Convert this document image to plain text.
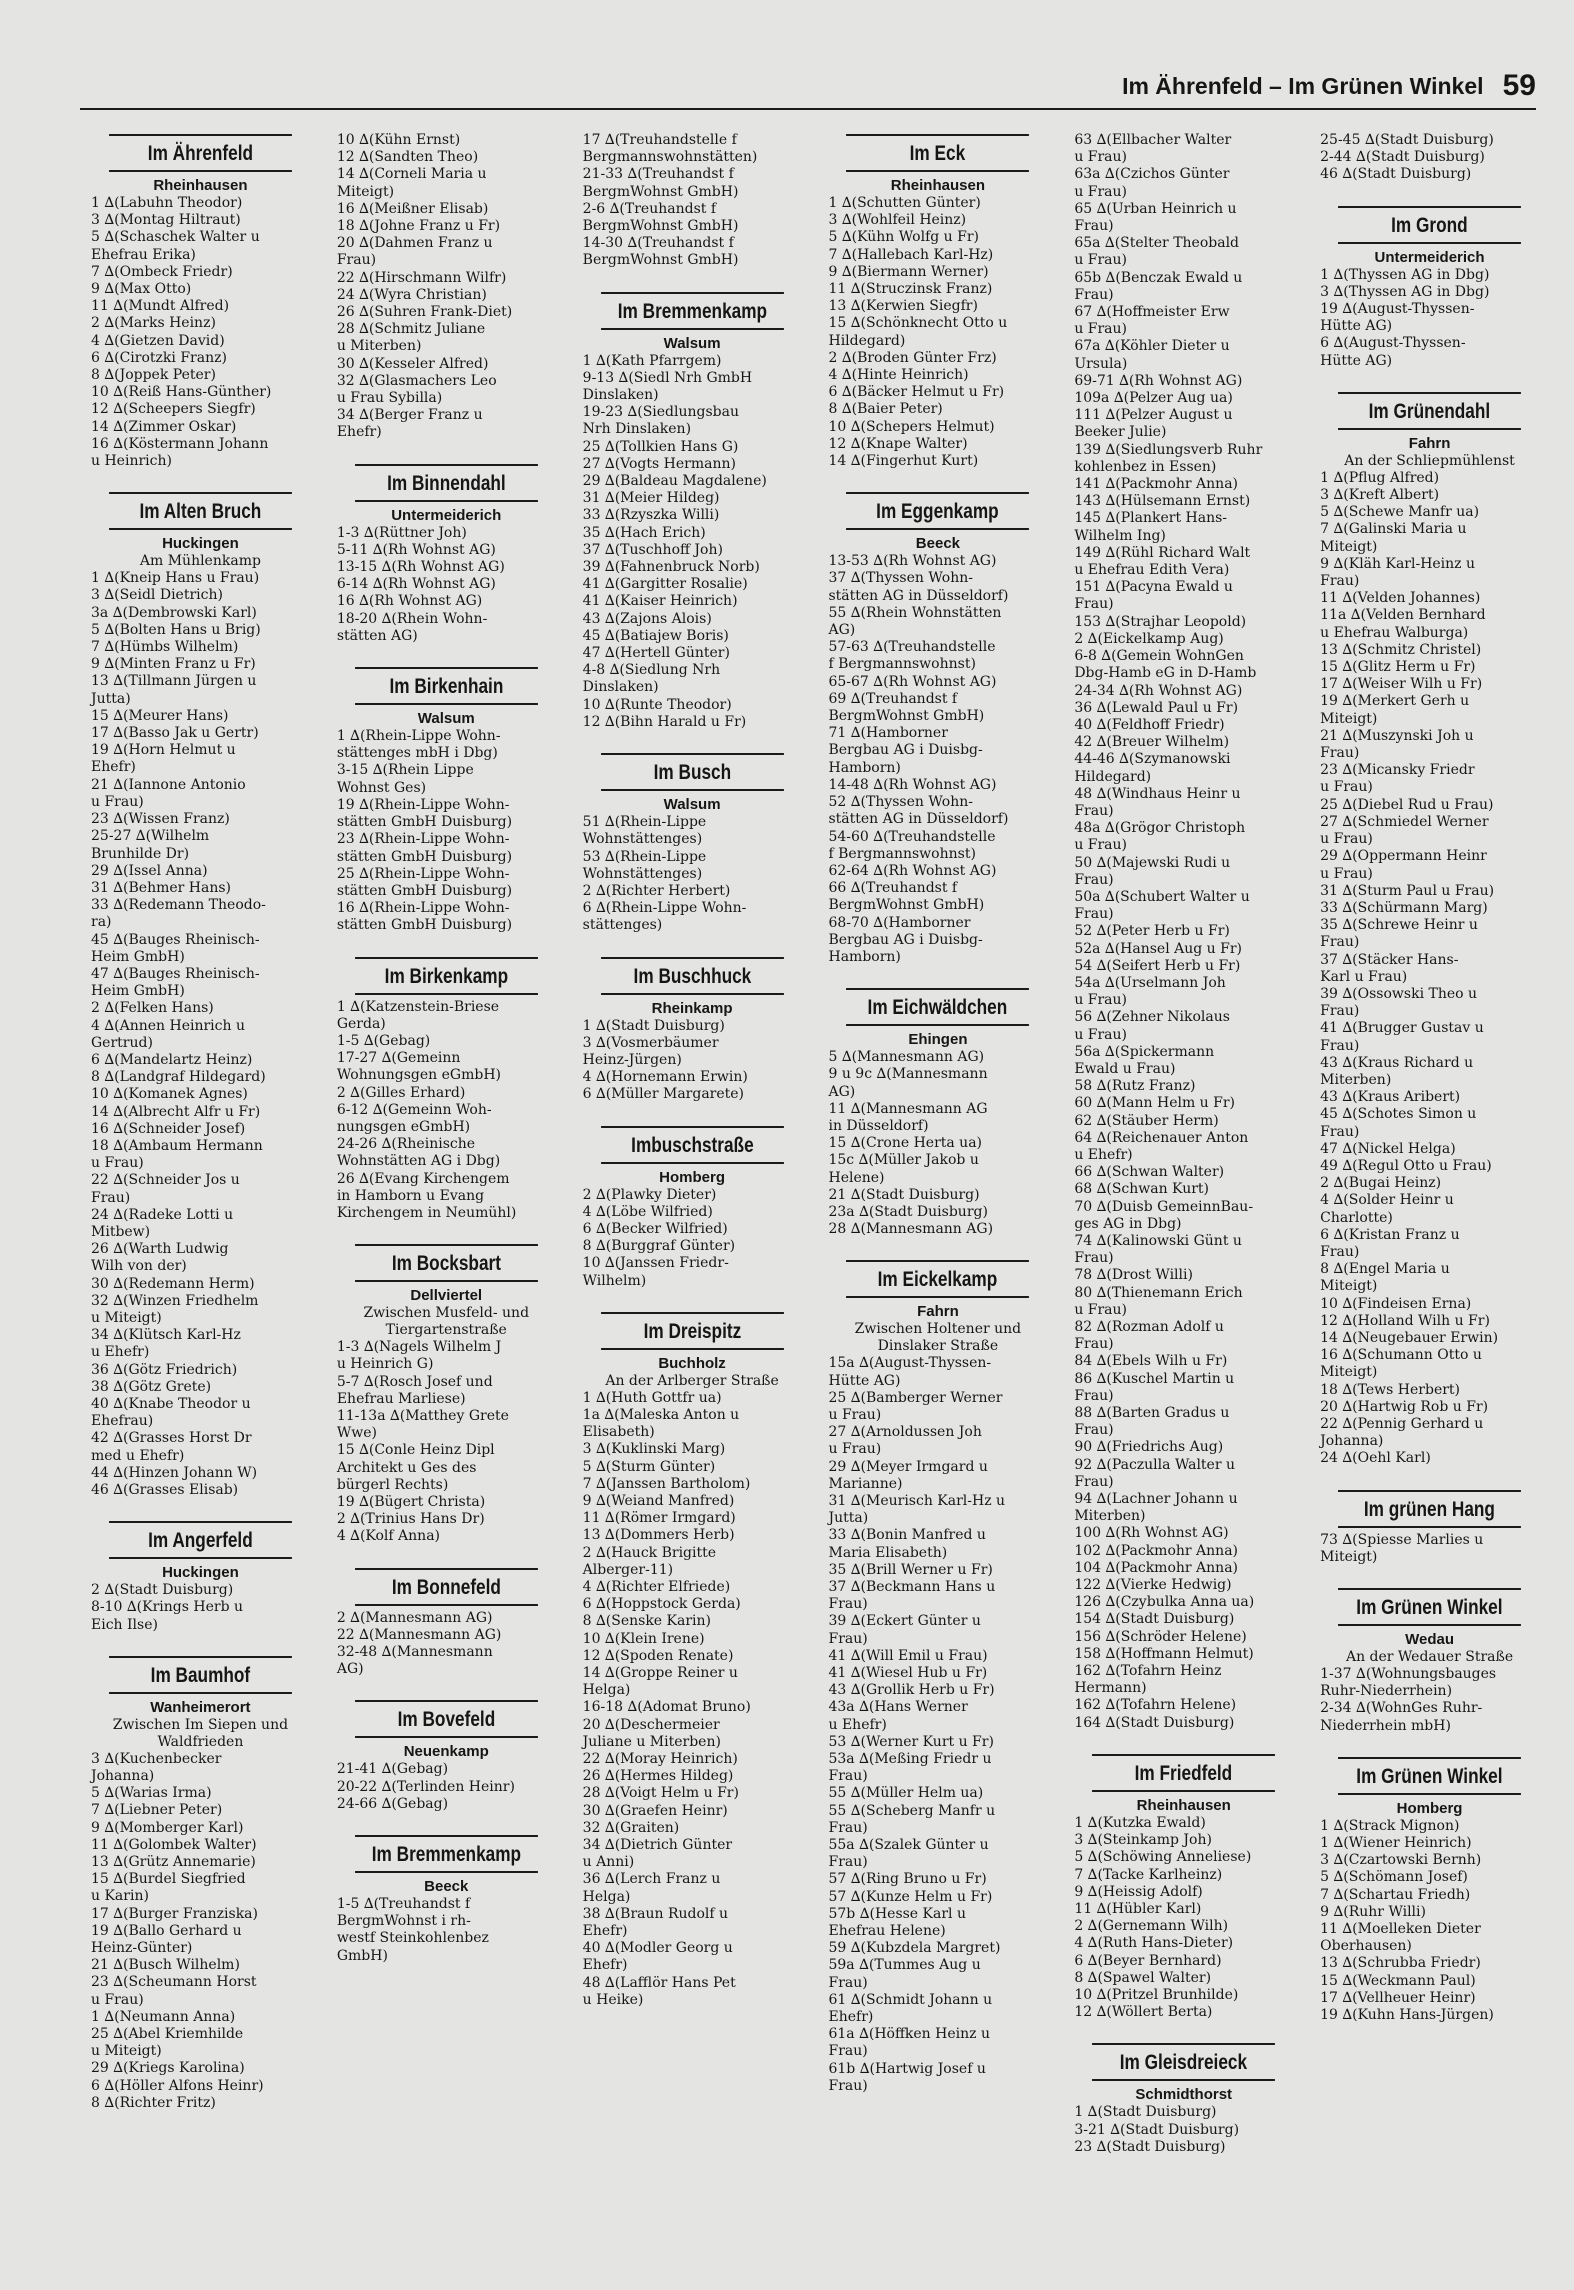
Im Ährenfeld – Im Grünen Winkel 59
Im Ährenfeld
Rheinhausen
1 ∆(Labuhn Theodor)
3 ∆(Montag Hiltraut)
5 ∆(Schaschek Walter u
Ehefrau Erika)
7 ∆(Ombeck Friedr)
9 ∆(Max Otto)
11 ∆(Mundt Alfred)
2 ∆(Marks Heinz)
4 ∆(Gietzen David)
6 ∆(Cirotzki Franz)
8 ∆(Joppek Peter)
10 ∆(Reiß Hans-Günther)
12 ∆(Scheepers Siegfr)
14 ∆(Zimmer Oskar)
16 ∆(Köstermann Johann
u Heinrich)
Im Alten Bruch
Huckingen
Am Mühlenkamp
1 ∆(Kneip Hans u Frau)
3 ∆(Seidl Dietrich)
3a ∆(Dembrowski Karl)
5 ∆(Bolten Hans u Brig)
7 ∆(Hümbs Wilhelm)
9 ∆(Minten Franz u Fr)
13 ∆(Tillmann Jürgen u
Jutta)
15 ∆(Meurer Hans)
17 ∆(Basso Jak u Gertr)
19 ∆(Horn Helmut u
Ehefr)
21 ∆(Iannone Antonio
u Frau)
23 ∆(Wissen Franz)
25-27 ∆(Wilhelm
Brunhilde Dr)
29 ∆(Issel Anna)
31 ∆(Behmer Hans)
33 ∆(Redemann Theodo-
ra)
45 ∆(Bauges Rheinisch-
Heim GmbH)
47 ∆(Bauges Rheinisch-
Heim GmbH)
2 ∆(Felken Hans)
4 ∆(Annen Heinrich u
Gertrud)
6 ∆(Mandelartz Heinz)
8 ∆(Landgraf Hildegard)
10 ∆(Komanek Agnes)
14 ∆(Albrecht Alfr u Fr)
16 ∆(Schneider Josef)
18 ∆(Ambaum Hermann
u Frau)
22 ∆(Schneider Jos u
Frau)
24 ∆(Radeke Lotti u
Mitbew)
26 ∆(Warth Ludwig
Wilh von der)
30 ∆(Redemann Herm)
32 ∆(Winzen Friedhelm
u Miteigt)
34 ∆(Klütsch Karl-Hz
u Ehefr)
36 ∆(Götz Friedrich)
38 ∆(Götz Grete)
40 ∆(Knabe Theodor u
Ehefrau)
42 ∆(Grasses Horst Dr
med u Ehefr)
44 ∆(Hinzen Johann W)
46 ∆(Grasses Elisab)
Im Angerfeld
Huckingen
2 ∆(Stadt Duisburg)
8-10 ∆(Krings Herb u
Eich Ilse)
Im Baumhof
Wanheimerort
Zwischen Im Siepen und Waldfrieden
3 ∆(Kuchenbecker
Johanna)
5 ∆(Warias Irma)
7 ∆(Liebner Peter)
9 ∆(Momberger Karl)
11 ∆(Golombek Walter)
13 ∆(Grütz Annemarie)
15 ∆(Burdel Siegfried
u Karin)
17 ∆(Burger Franziska)
19 ∆(Ballo Gerhard u
Heinz-Günter)
21 ∆(Busch Wilhelm)
23 ∆(Scheumann Horst
u Frau)
1 ∆(Neumann Anna)
25 ∆(Abel Kriemhilde
u Miteigt)
29 ∆(Kriegs Karolina)
6 ∆(Höller Alfons Heinr)
8 ∆(Richter Fritz)
10 ∆(Kühn Ernst)
12 ∆(Sandten Theo)
14 ∆(Corneli Maria u
Miteigt)
16 ∆(Meißner Elisab)
18 ∆(Johne Franz u Fr)
20 ∆(Dahmen Franz u
Frau)
22 ∆(Hirschmann Wilfr)
24 ∆(Wyra Christian)
26 ∆(Suhren Frank-Diet)
28 ∆(Schmitz Juliane
u Miterben)
30 ∆(Kesseler Alfred)
32 ∆(Glasmachers Leo
u Frau Sybilla)
34 ∆(Berger Franz u
Ehefr)
Im Binnendahl
Untermeiderich
1-3 ∆(Rüttner Joh)
5-11 ∆(Rh Wohnst AG)
13-15 ∆(Rh Wohnst AG)
6-14 ∆(Rh Wohnst AG)
16 ∆(Rh Wohnst AG)
18-20 ∆(Rhein Wohn-
stätten AG)
Im Birkenhain
Walsum
1 ∆(Rhein-Lippe Wohn-
stättenges mbH i Dbg)
3-15 ∆(Rhein Lippe
Wohnst Ges)
19 ∆(Rhein-Lippe Wohn-
stätten GmbH Duisburg)
23 ∆(Rhein-Lippe Wohn-
stätten GmbH Duisburg)
25 ∆(Rhein-Lippe Wohn-
stätten GmbH Duisburg)
16 ∆(Rhein-Lippe Wohn-
stätten GmbH Duisburg)
Im Birkenkamp
1 ∆(Katzenstein-Briese
Gerda)
1-5 ∆(Gebag)
17-27 ∆(Gemeinn
Wohnungsgen eGmbH)
2 ∆(Gilles Erhard)
6-12 ∆(Gemeinn Woh-
nungsgen eGmbH)
24-26 ∆(Rheinische
Wohnstätten AG i Dbg)
26 ∆(Evang Kirchengem
in Hamborn u Evang
Kirchengem in Neumühl)
Im Bocksbart
Dellviertel
Zwischen Musfeld- und Tiergartenstraße
1-3 ∆(Nagels Wilhelm J
u Heinrich G)
5-7 ∆(Rosch Josef und
Ehefrau Marliese)
11-13a ∆(Matthey Grete
Wwe)
15 ∆(Conle Heinz Dipl
Architekt u Ges des
bürgerl Rechts)
19 ∆(Bügert Christa)
2 ∆(Trinius Hans Dr)
4 ∆(Kolf Anna)
Im Bonnefeld
2 ∆(Mannesmann AG)
22 ∆(Mannesmann AG)
32-48 ∆(Mannesmann
AG)
Im Bovefeld
Neuenkamp
21-41 ∆(Gebag)
20-22 ∆(Terlinden Heinr)
24-66 ∆(Gebag)
Im Bremmenkamp
Beeck
1-5 ∆(Treuhandst f
BergmWohnst i rh-
westf Steinkohlenbez
GmbH)
17 ∆(Treuhandstelle f
Bergmannswohnstätten)
21-33 ∆(Treuhandst f
BergmWohnst GmbH)
2-6 ∆(Treuhandst f
BergmWohnst GmbH)
14-30 ∆(Treuhandst f
BergmWohnst GmbH)
Im Bremmenkamp
Walsum
1 ∆(Kath Pfarrgem)
9-13 ∆(Siedl Nrh GmbH
Dinslaken)
19-23 ∆(Siedlungsbau
Nrh Dinslaken)
25 ∆(Tollkien Hans G)
27 ∆(Vogts Hermann)
29 ∆(Baldeau Magdalene)
31 ∆(Meier Hildeg)
33 ∆(Rzyszka Willi)
35 ∆(Hach Erich)
37 ∆(Tuschhoff Joh)
39 ∆(Fahnenbruck Norb)
41 ∆(Gargitter Rosalie)
41 ∆(Kaiser Heinrich)
43 ∆(Zajons Alois)
45 ∆(Batiajew Boris)
47 ∆(Hertell Günter)
4-8 ∆(Siedlung Nrh
Dinslaken)
10 ∆(Runte Theodor)
12 ∆(Bihn Harald u Fr)
Im Busch
Walsum
51 ∆(Rhein-Lippe
Wohnstättenges)
53 ∆(Rhein-Lippe
Wohnstättenges)
2 ∆(Richter Herbert)
6 ∆(Rhein-Lippe Wohn-
stättenges)
Im Buschhuck
Rheinkamp
1 ∆(Stadt Duisburg)
3 ∆(Vosmerbäumer
Heinz-Jürgen)
4 ∆(Hornemann Erwin)
6 ∆(Müller Margarete)
Imbuschstraße
Homberg
2 ∆(Plawky Dieter)
4 ∆(Löbe Wilfried)
6 ∆(Becker Wilfried)
8 ∆(Burggraf Günter)
10 ∆(Janssen Friedr-
Wilhelm)
Im Dreispitz
Buchholz
An der Arlberger Straße
1 ∆(Huth Gottfr ua)
1a ∆(Maleska Anton u
Elisabeth)
3 ∆(Kuklinski Marg)
5 ∆(Sturm Günter)
7 ∆(Janssen Bartholom)
9 ∆(Weiand Manfred)
11 ∆(Römer Irmgard)
13 ∆(Dommers Herb)
2 ∆(Hauck Brigitte
Alberger-11)
4 ∆(Richter Elfriede)
6 ∆(Hoppstock Gerda)
8 ∆(Senske Karin)
10 ∆(Klein Irene)
12 ∆(Spoden Renate)
14 ∆(Groppe Reiner u
Helga)
16-18 ∆(Adomat Bruno)
20 ∆(Deschermeier
Juliane u Miterben)
22 ∆(Moray Heinrich)
26 ∆(Hermes Hildeg)
28 ∆(Voigt Helm u Fr)
30 ∆(Graefen Heinr)
32 ∆(Graiten)
34 ∆(Dietrich Günter
u Anni)
36 ∆(Lerch Franz u
Helga)
38 ∆(Braun Rudolf u
Ehefr)
40 ∆(Modler Georg u
Ehefr)
48 ∆(Lafflör Hans Pet
u Heike)
Im Eck
Rheinhausen
1 ∆(Schutten Günter)
3 ∆(Wohlfeil Heinz)
5 ∆(Kühn Wolfg u Fr)
7 ∆(Hallebach Karl-Hz)
9 ∆(Biermann Werner)
11 ∆(Struczinsk Franz)
13 ∆(Kerwien Siegfr)
15 ∆(Schönknecht Otto u
Hildegard)
2 ∆(Broden Günter Frz)
4 ∆(Hinte Heinrich)
6 ∆(Bäcker Helmut u Fr)
8 ∆(Baier Peter)
10 ∆(Schepers Helmut)
12 ∆(Knape Walter)
14 ∆(Fingerhut Kurt)
Im Eggenkamp
Beeck
13-53 ∆(Rh Wohnst AG)
37 ∆(Thyssen Wohn-
stätten AG in Düsseldorf)
55 ∆(Rhein Wohnstätten
AG)
57-63 ∆(Treuhandstelle
f Bergmannswohnst)
65-67 ∆(Rh Wohnst AG)
69 ∆(Treuhandst f
BergmWohnst GmbH)
71 ∆(Hamborner
Bergbau AG i Duisbg-
Hamborn)
14-48 ∆(Rh Wohnst AG)
52 ∆(Thyssen Wohn-
stätten AG in Düsseldorf)
54-60 ∆(Treuhandstelle
f Bergmannswohnst)
62-64 ∆(Rh Wohnst AG)
66 ∆(Treuhandst f
BergmWohnst GmbH)
68-70 ∆(Hamborner
Bergbau AG i Duisbg-
Hamborn)
Im Eichwäldchen
Ehingen
5 ∆(Mannesmann AG)
9 u 9c ∆(Mannesmann
AG)
11 ∆(Mannesmann AG
in Düsseldorf)
15 ∆(Crone Herta ua)
15c ∆(Müller Jakob u
Helene)
21 ∆(Stadt Duisburg)
23a ∆(Stadt Duisburg)
28 ∆(Mannesmann AG)
Im Eickelkamp
Fahrn
Zwischen Holtener und Dinslaker Straße
15a ∆(August-Thyssen-
Hütte AG)
25 ∆(Bamberger Werner
u Frau)
27 ∆(Arnoldussen Joh
u Frau)
29 ∆(Meyer Irmgard u
Marianne)
31 ∆(Meurisch Karl-Hz u
Jutta)
33 ∆(Bonin Manfred u
Maria Elisabeth)
35 ∆(Brill Werner u Fr)
37 ∆(Beckmann Hans u
Frau)
39 ∆(Eckert Günter u
Frau)
41 ∆(Will Emil u Frau)
41 ∆(Wiesel Hub u Fr)
43 ∆(Grollik Herb u Fr)
43a ∆(Hans Werner
u Ehefr)
53 ∆(Werner Kurt u Fr)
53a ∆(Meßing Friedr u
Frau)
55 ∆(Müller Helm ua)
55 ∆(Scheberg Manfr u
Frau)
55a ∆(Szalek Günter u
Frau)
57 ∆(Ring Bruno u Fr)
57 ∆(Kunze Helm u Fr)
57b ∆(Hesse Karl u
Ehefrau Helene)
59 ∆(Kubzdela Margret)
59a ∆(Tummes Aug u
Frau)
61 ∆(Schmidt Johann u
Ehefr)
61a ∆(Höffken Heinz u
Frau)
61b ∆(Hartwig Josef u
Frau)
63 ∆(Ellbacher Walter
u Frau)
63a ∆(Czichos Günter
u Frau)
65 ∆(Urban Heinrich u
Frau)
65a ∆(Stelter Theobald
u Frau)
65b ∆(Benczak Ewald u
Frau)
67 ∆(Hoffmeister Erw
u Frau)
67a ∆(Köhler Dieter u
Ursula)
69-71 ∆(Rh Wohnst AG)
109a ∆(Pelzer Aug ua)
111 ∆(Pelzer August u
Beeker Julie)
139 ∆(Siedlungsverb Ruhr
kohlenbez in Essen)
141 ∆(Packmohr Anna)
143 ∆(Hülsemann Ernst)
145 ∆(Plankert Hans-
Wilhelm Ing)
149 ∆(Rühl Richard Walt
u Ehefrau Edith Vera)
151 ∆(Pacyna Ewald u
Frau)
153 ∆(Strajhar Leopold)
2 ∆(Eickelkamp Aug)
6-8 ∆(Gemein WohnGen
Dbg-Hamb eG in D-Hamb
24-34 ∆(Rh Wohnst AG)
36 ∆(Lewald Paul u Fr)
40 ∆(Feldhoff Friedr)
42 ∆(Breuer Wilhelm)
44-46 ∆(Szymanowski
Hildegard)
48 ∆(Windhaus Heinr u
Frau)
48a ∆(Grögor Christoph
u Frau)
50 ∆(Majewski Rudi u
Frau)
50a ∆(Schubert Walter u
Frau)
52 ∆(Peter Herb u Fr)
52a ∆(Hansel Aug u Fr)
54 ∆(Seifert Herb u Fr)
54a ∆(Urselmann Joh
u Frau)
56 ∆(Zehner Nikolaus
u Frau)
56a ∆(Spickermann
Ewald u Frau)
58 ∆(Rutz Franz)
60 ∆(Mann Helm u Fr)
62 ∆(Stäuber Herm)
64 ∆(Reichenauer Anton
u Ehefr)
66 ∆(Schwan Walter)
68 ∆(Schwan Kurt)
70 ∆(Duisb GemeinnBau-
ges AG in Dbg)
74 ∆(Kalinowski Günt u
Frau)
78 ∆(Drost Willi)
80 ∆(Thienemann Erich
u Frau)
82 ∆(Rozman Adolf u
Frau)
84 ∆(Ebels Wilh u Fr)
86 ∆(Kuschel Martin u
Frau)
88 ∆(Barten Gradus u
Frau)
90 ∆(Friedrichs Aug)
92 ∆(Paczulla Walter u
Frau)
94 ∆(Lachner Johann u
Miterben)
100 ∆(Rh Wohnst AG)
102 ∆(Packmohr Anna)
104 ∆(Packmohr Anna)
122 ∆(Vierke Hedwig)
126 ∆(Czybulka Anna ua)
154 ∆(Stadt Duisburg)
156 ∆(Schröder Helene)
158 ∆(Hoffmann Helmut)
162 ∆(Tofahrn Heinz
Hermann)
162 ∆(Tofahrn Helene)
164 ∆(Stadt Duisburg)
Im Friedfeld
Rheinhausen
1 ∆(Kutzka Ewald)
3 ∆(Steinkamp Joh)
5 ∆(Schöwing Anneliese)
7 ∆(Tacke Karlheinz)
9 ∆(Heissig Adolf)
11 ∆(Hübler Karl)
2 ∆(Gernemann Wilh)
4 ∆(Ruth Hans-Dieter)
6 ∆(Beyer Bernhard)
8 ∆(Spawel Walter)
10 ∆(Pritzel Brunhilde)
12 ∆(Wöllert Berta)
Im Gleisdreieck
Schmidthorst
1 ∆(Stadt Duisburg)
3-21 ∆(Stadt Duisburg)
23 ∆(Stadt Duisburg)
25-45 ∆(Stadt Duisburg)
2-44 ∆(Stadt Duisburg)
46 ∆(Stadt Duisburg)
Im Grond
Untermeiderich
1 ∆(Thyssen AG in Dbg)
3 ∆(Thyssen AG in Dbg)
19 ∆(August-Thyssen-
Hütte AG)
6 ∆(August-Thyssen-
Hütte AG)
Im Grünendahl
Fahrn
An der Schliepmühlenst
1 ∆(Pflug Alfred)
3 ∆(Kreft Albert)
5 ∆(Schewe Manfr ua)
7 ∆(Galinski Maria u
Miteigt)
9 ∆(Kläh Karl-Heinz u
Frau)
11 ∆(Velden Johannes)
11a ∆(Velden Bernhard
u Ehefrau Walburga)
13 ∆(Schmitz Christel)
15 ∆(Glitz Herm u Fr)
17 ∆(Weiser Wilh u Fr)
19 ∆(Merkert Gerh u
Miteigt)
21 ∆(Muszynski Joh u
Frau)
23 ∆(Micansky Friedr
u Frau)
25 ∆(Diebel Rud u Frau)
27 ∆(Schmiedel Werner
u Frau)
29 ∆(Oppermann Heinr
u Frau)
31 ∆(Sturm Paul u Frau)
33 ∆(Schürmann Marg)
35 ∆(Schrewe Heinr u
Frau)
37 ∆(Stäcker Hans-
Karl u Frau)
39 ∆(Ossowski Theo u
Frau)
41 ∆(Brugger Gustav u
Frau)
43 ∆(Kraus Richard u
Miterben)
43 ∆(Kraus Aribert)
45 ∆(Schotes Simon u
Frau)
47 ∆(Nickel Helga)
49 ∆(Regul Otto u Frau)
2 ∆(Bugai Heinz)
4 ∆(Solder Heinr u
Charlotte)
6 ∆(Kristan Franz u
Frau)
8 ∆(Engel Maria u
Miteigt)
10 ∆(Findeisen Erna)
12 ∆(Holland Wilh u Fr)
14 ∆(Neugebauer Erwin)
16 ∆(Schumann Otto u
Miteigt)
18 ∆(Tews Herbert)
20 ∆(Hartwig Rob u Fr)
22 ∆(Pennig Gerhard u
Johanna)
24 ∆(Oehl Karl)
Im grünen Hang
73 ∆(Spiesse Marlies u
Miteigt)
Im Grünen Winkel
Wedau
An der Wedauer Straße
1-37 ∆(Wohnungsbauges
Ruhr-Niederrhein)
2-34 ∆(WohnGes Ruhr-
Niederrhein mbH)
Im Grünen Winkel
Homberg
1 ∆(Strack Mignon)
1 ∆(Wiener Heinrich)
3 ∆(Czartowski Bernh)
5 ∆(Schömann Josef)
7 ∆(Schartau Friedh)
9 ∆(Ruhr Willi)
11 ∆(Moelleken Dieter
Oberhausen)
13 ∆(Schrubba Friedr)
15 ∆(Weckmann Paul)
17 ∆(Vellheuer Heinr)
19 ∆(Kuhn Hans-Jürgen)
